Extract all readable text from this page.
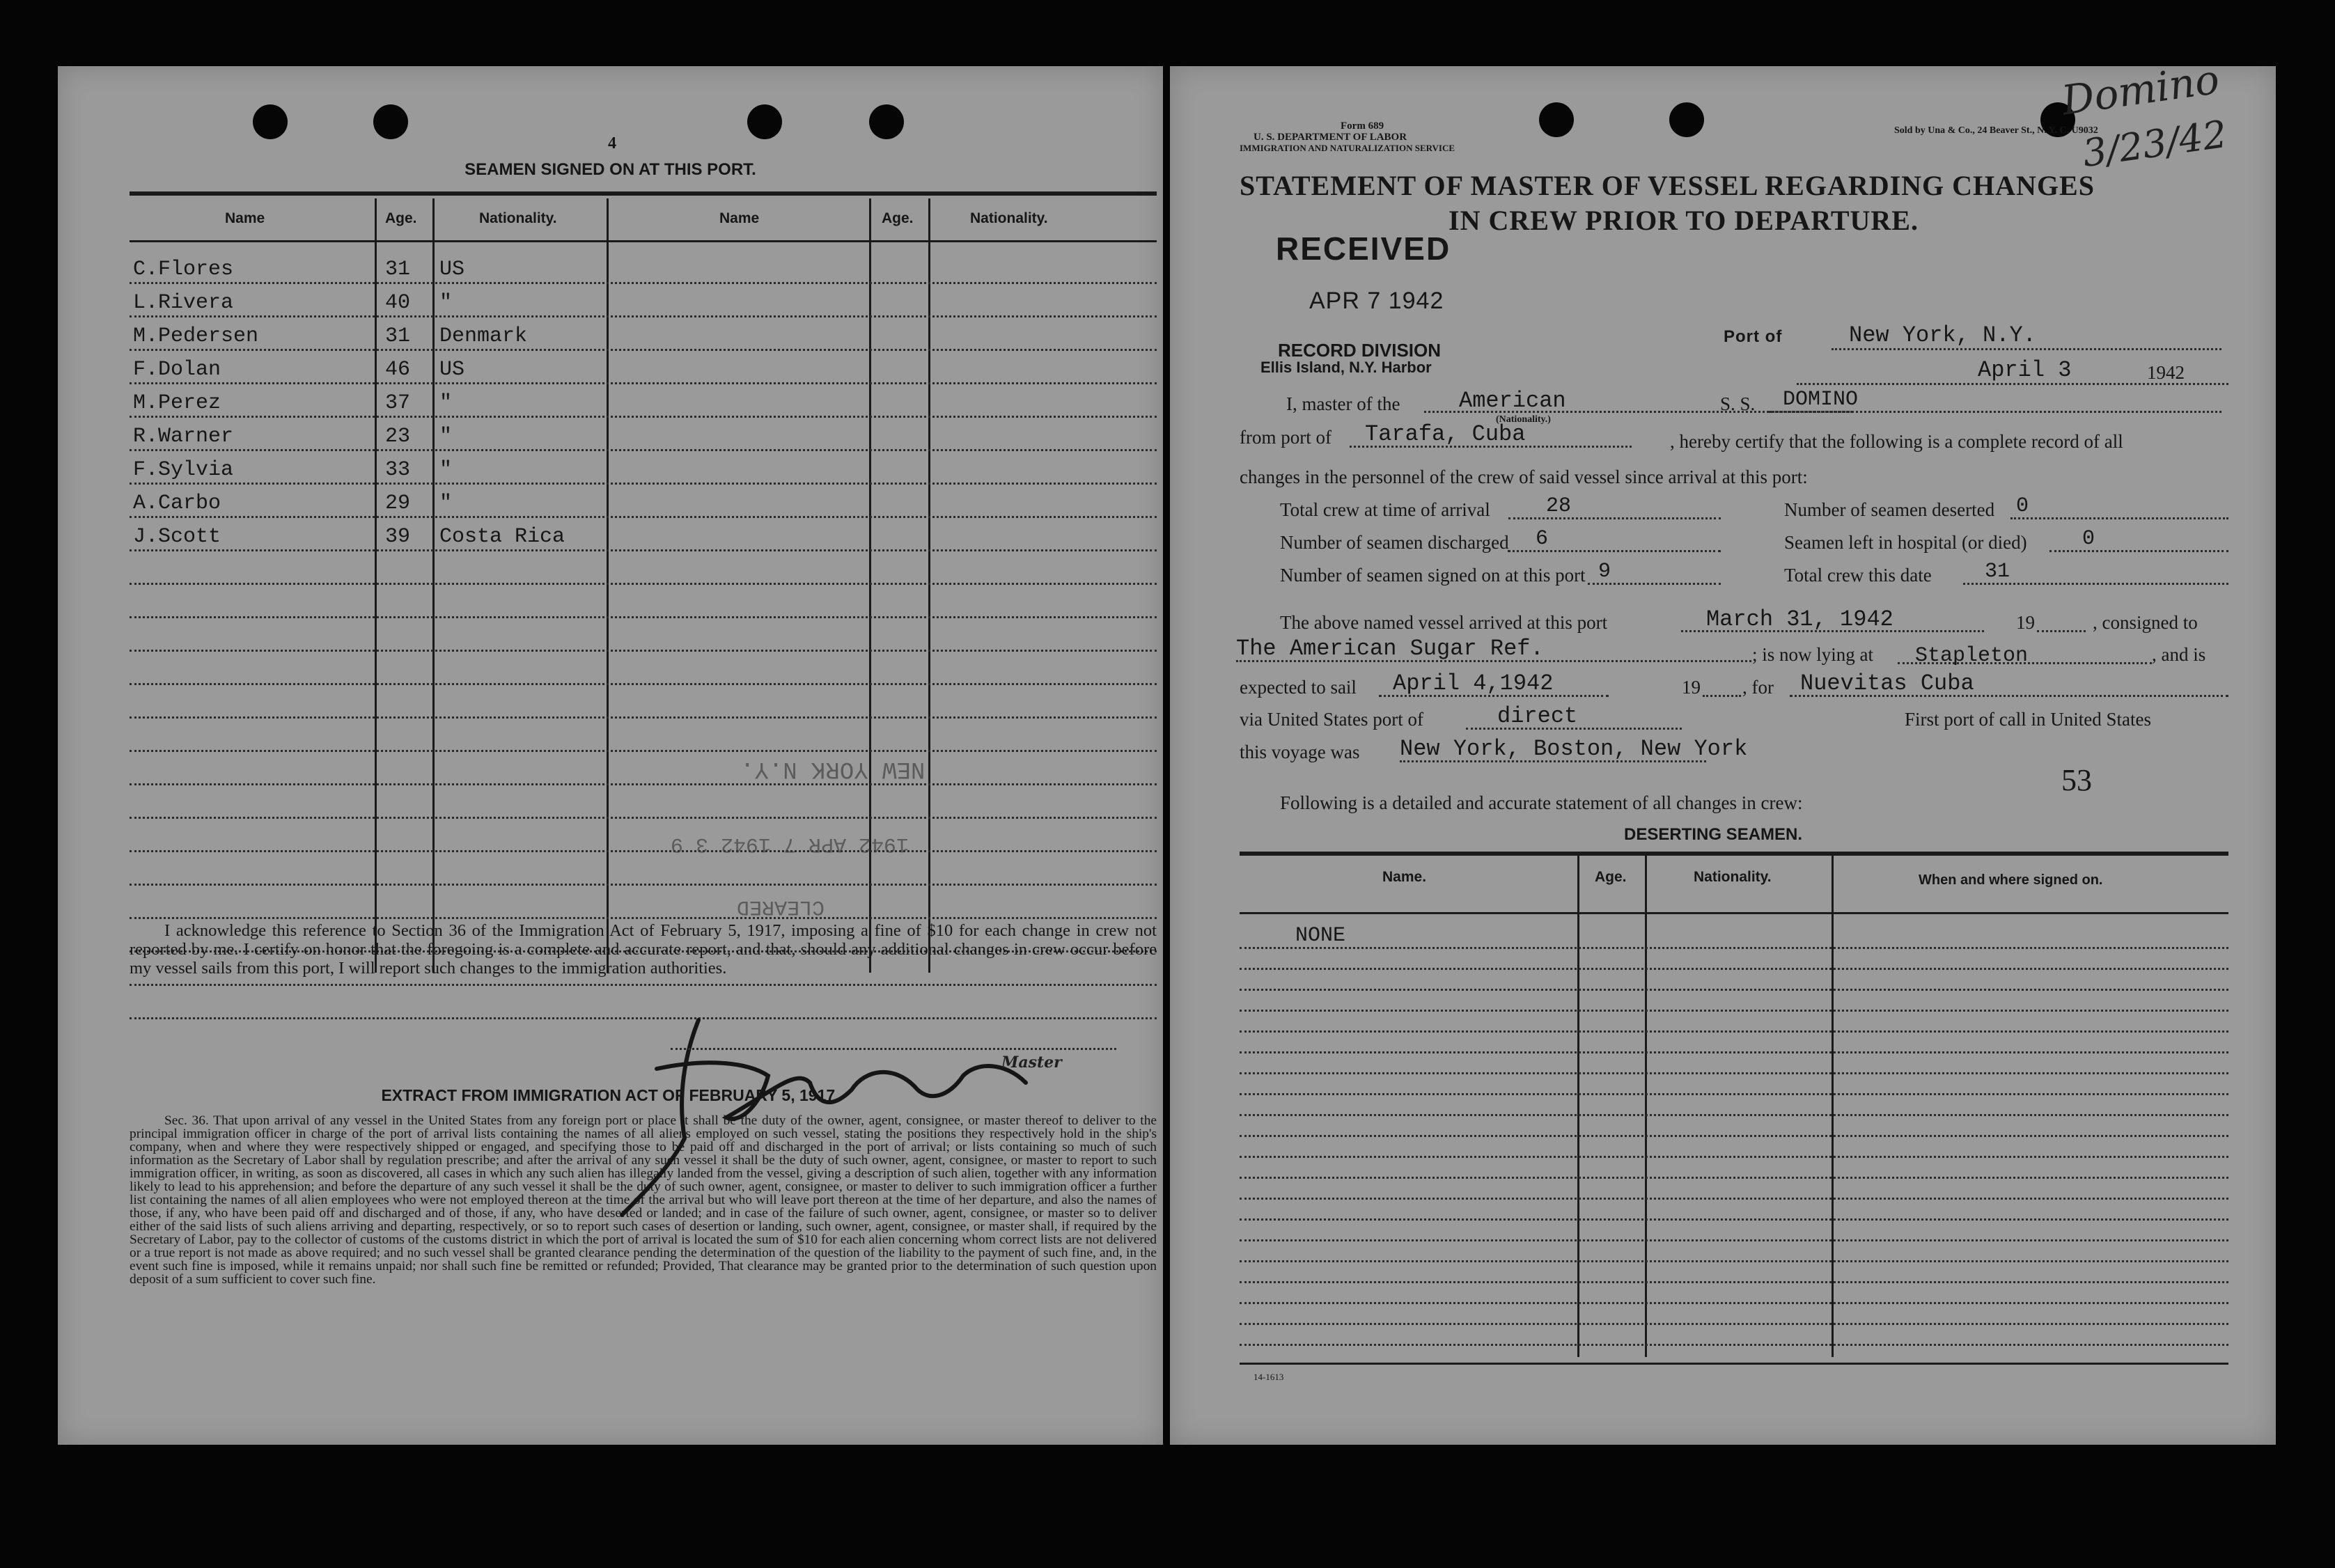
4
SEAMEN SIGNED ON AT THIS PORT.
Name	Age.	Nationality.	Name	Age.	Nationality.
C.Flores	31 US
L.Rivera	40 "
M.Pedersen	31 Denmark
F.Dolan	46 US
M.Perez	37 "
R.Warner	23 "
F.Sylvia	33 "
A.Carbo	29 "
J.Scott	39 Costa Rica
NEW YORK N.Y.
1942 APR 7 1942 3 9
CLEARED
I acknowledge this reference to Section 36 of the Immigration Act of February 5, 1917, imposing a fine of $10 for each change in crew not reported by me. I certify on honor that the foregoing is a complete and accurate report, and that, should any additional changes in crew occur before my vessel sails from this port, I will report such changes to the immigration authorities.
Master
EXTRACT FROM IMMIGRATION ACT OF FEBRUARY 5, 1917.
Sec. 36. That upon arrival of any vessel in the United States from any foreign port or place it shall be the duty of the owner, agent, consignee, or master thereof to deliver to the principal immigration officer in charge of the port of arrival lists containing the names of all aliens employed on such vessel, stating the positions they respectively hold in the ship's company, when and where they were respectively shipped or engaged, and specifying those to be paid off and discharged in the port of arrival; or lists containing so much of such information as the Secretary of Labor shall by regulation prescribe; and after the arrival of any such vessel it shall be the duty of such owner, agent, consignee, or master to report to such immigration officer, in writing, as soon as discovered, all cases in which any such alien has illegally landed from the vessel, giving a description of such alien, together with any information likely to lead to his apprehension; and before the departure of any such vessel it shall be the duty of such owner, agent, consignee, or master to deliver to such immigration officer a further list containing the names of all alien employees who were not employed thereon at the time of the arrival but who will leave port thereon at the time of her departure, and also the names of those, if any, who have been paid off and discharged and of those, if any, who have deserted or landed; and in case of the failure of such owner, agent, consignee, or master so to deliver either of the said lists of such aliens arriving and departing, respectively, or so to report such cases of desertion or landing, such owner, agent, consignee, or master shall, if required by the Secretary of Labor, pay to the collector of customs of the customs district in which the port of arrival is located the sum of $10 for each alien concerning whom correct lists are not delivered or a true report is not made as above required; and no such vessel shall be granted clearance pending the determination of the question of the liability to the payment of such fine, and, in the event such fine is imposed, while it remains unpaid; nor shall such fine be remitted or refunded; Provided, That clearance may be granted prior to the determination of such question upon deposit of a sum sufficient to cover such fine.
Form 689
U. S. DEPARTMENT OF LABOR
IMMIGRATION AND NATURALIZATION SERVICE
Sold by Una & Co., 24 Beaver St., N. Y. C. U9032
Domino
3/23/42
STATEMENT OF MASTER OF VESSEL REGARDING CHANGES
IN CREW PRIOR TO DEPARTURE.
RECEIVED
APR 7 1942
RECORD DIVISION
Ellis Island, N.Y. Harbor
Port of	New York, N.Y.
April 3	1942
I, master of the	American
(Nationality.)
S. S. DOMINO
from port of Tarafa, Cuba	, hereby certify that the following is a complete record of all
changes in the personnel of the crew of said vessel since arrival at this port:
Total crew at time of arrival	28	Number of seamen deserted 0
Number of seamen discharged 6	Seamen left in hospital (or died)	0
Number of seamen signed on at this port 9	Total crew this date	31
The above named vessel arrived at this port	March 31, 1942	19	, consigned to
The American Sugar Ref.	; is now lying at Stapleton	, and is
expected to sail April 4,1942	19 , for Nuevitas Cuba
via United States port of	direct	First port of call in United States
this voyage was New York, Boston, New York
53
Following is a detailed and accurate statement of all changes in crew:
DESERTING SEAMEN.
Name.	Age.	Nationality.	When and where signed on.
NONE
14-1613
